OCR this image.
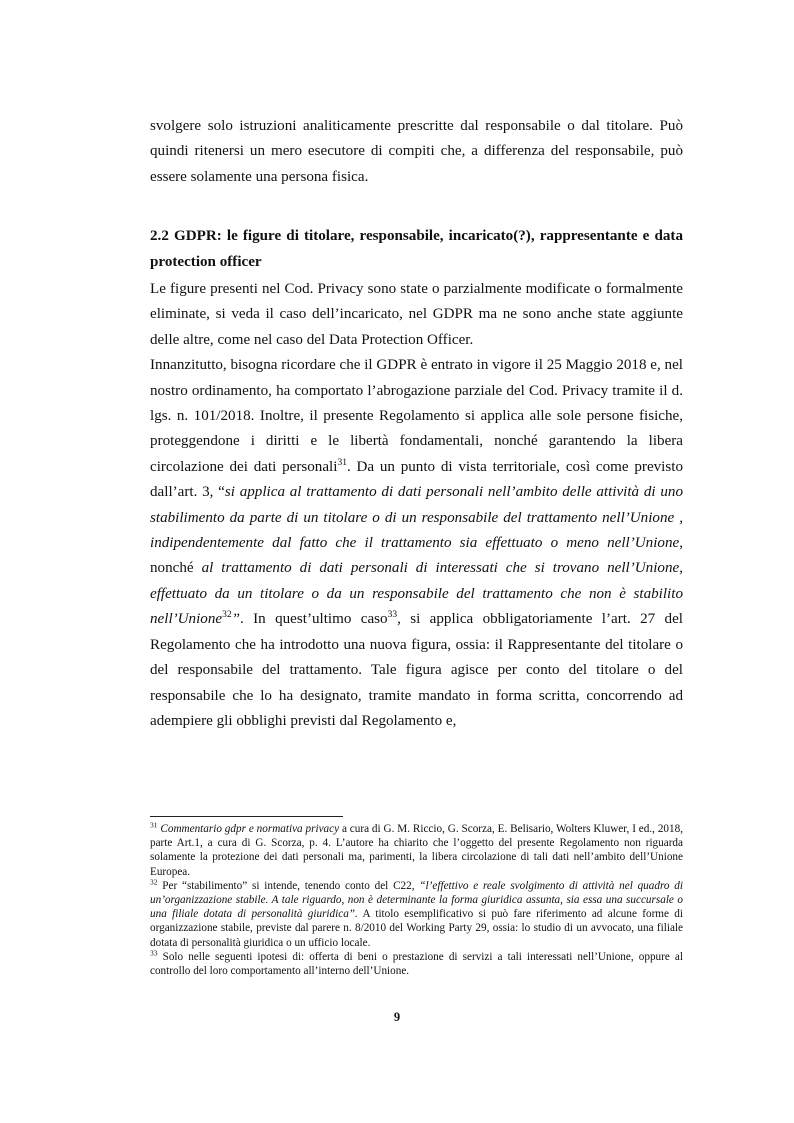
svolgere solo istruzioni analiticamente prescritte dal responsabile o dal titolare. Può quindi ritenersi un mero esecutore di compiti che, a differenza del responsabile, può essere solamente una persona fisica.

2.2 GDPR: le figure di titolare, responsabile, incaricato(?), rappresentante e data protection officer

Le figure presenti nel Cod. Privacy sono state o parzialmente modificate o formalmente eliminate, si veda il caso dell’incaricato, nel GDPR ma ne sono anche state aggiunte delle altre, come nel caso del Data Protection Officer.

Innanzitutto, bisogna ricordare che il GDPR è entrato in vigore il 25 Maggio 2018 e, nel nostro ordinamento, ha comportato l’abrogazione parziale del Cod. Privacy tramite il d. lgs. n. 101/2018. Inoltre, il presente Regolamento si applica alle sole persone fisiche, proteggendone i diritti e le libertà fondamentali, nonché garantendo la libera circolazione dei dati personali$^{31}$. Da un punto di vista territoriale, così come previsto dall’art. 3, “si applica al trattamento di dati personali nell’ambito delle attività di uno stabilimento da parte di un titolare o di un responsabile del trattamento nell’Unione , indipendentemente dal fatto che il trattamento sia effettuato o meno nell’Unione, nonché al trattamento di dati personali di interessati che si trovano nell’Unione, effettuato da un titolare o da un responsabile del trattamento che non è stabilito nell’Unione$^{32}$”. In quest’ultimo caso$^{33}$, si applica obbligatoriamente l’art. 27 del Regolamento che ha introdotto una nuova figura, ossia: il Rappresentante del titolare o del responsabile del trattamento. Tale figura agisce per conto del titolare o del responsabile che lo ha designato, tramite mandato in forma scritta, concorrendo ad adempiere gli obblighi previsti dal Regolamento e,

$^{31}$ Commentario gdpr e normativa privacy a cura di G. M. Riccio, G. Scorza, E. Belisario, Wolters Kluwer, I ed., 2018, parte Art.1, a cura di G. Scorza, p. 4. L’autore ha chiarito che l’oggetto del presente Regolamento non riguarda solamente la protezione dei dati personali ma, parimenti, la libera circolazione di tali dati nell’ambito dell’Unione Europea.

$^{32}$ Per “stabilimento” si intende, tenendo conto del C22, “l’effettivo e reale svolgimento di attività nel quadro di un’organizzazione stabile. A tale riguardo, non è determinante la forma giuridica assunta, sia essa una succursale o una filiale dotata di personalità giuridica”. A titolo esemplificativo si può fare riferimento ad alcune forme di organizzazione stabile, previste dal parere n. 8/2010 del Working Party 29, ossia: lo studio di un avvocato, una filiale dotata di personalità giuridica o un ufficio locale.

$^{33}$ Solo nelle seguenti ipotesi di: offerta di beni o prestazione di servizi a tali interessati nell’Unione, oppure al controllo del loro comportamento all’interno dell’Unione.

9
